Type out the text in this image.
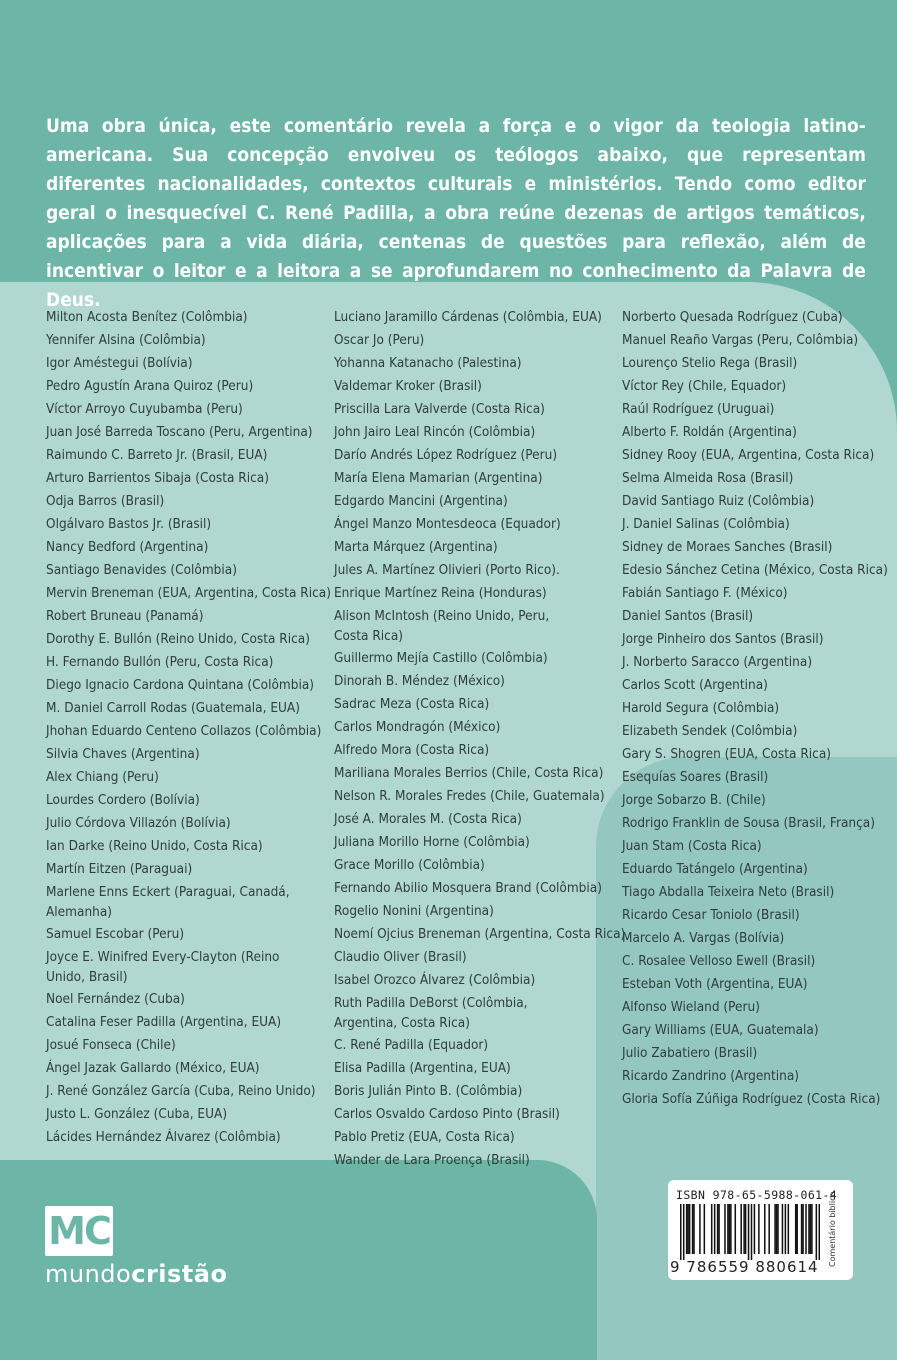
Uma obra única, este comentário revela a força e o vigor da teologia latino-americana. Sua concepção envolveu os teólogos abaixo, que representam diferentes nacionalidades, contextos culturais e ministérios. Tendo como editor geral o inesquecível C. René Padilla, a obra reúne dezenas de artigos temáticos, aplicações para a vida diária, centenas de questões para reflexão, além de incentivar o leitor e a leitora a se aprofundarem no conhecimento da Palavra de Deus.

Milton Acosta Benítez (Colômbia)
Yennifer Alsina (Colômbia)
Igor Améstegui (Bolívia)
Pedro Agustín Arana Quiroz (Peru)
Víctor Arroyo Cuyubamba (Peru)
Juan José Barreda Toscano (Peru, Argentina)
Raimundo C. Barreto Jr. (Brasil, EUA)
Arturo Barrientos Sibaja (Costa Rica)
Odja Barros (Brasil)
Olgálvaro Bastos Jr. (Brasil)
Nancy Bedford (Argentina)
Santiago Benavides (Colômbia)
Mervin Breneman (EUA, Argentina, Costa Rica)
Robert Bruneau (Panamá)
Dorothy E. Bullón (Reino Unido, Costa Rica)
H. Fernando Bullón (Peru, Costa Rica)
Diego Ignacio Cardona Quintana (Colômbia)
M. Daniel Carroll Rodas (Guatemala, EUA)
Jhohan Eduardo Centeno Collazos (Colômbia)
Silvia Chaves (Argentina)
Alex Chiang (Peru)
Lourdes Cordero (Bolívia)
Julio Córdova Villazón (Bolívia)
Ian Darke (Reino Unido, Costa Rica)
Martín Eitzen (Paraguai)
Marlene Enns Eckert (Paraguai, Canadá, Alemanha)
Samuel Escobar (Peru)
Joyce E. Winifred Every-Clayton (Reino Unido, Brasil)
Noel Fernández (Cuba)
Catalina Feser Padilla (Argentina, EUA)
Josué Fonseca (Chile)
Ángel Jazak Gallardo (México, EUA)
J. René González García (Cuba, Reino Unido)
Justo L. González (Cuba, EUA)
Lácides Hernández Álvarez (Colômbia)
Luciano Jaramillo Cárdenas (Colômbia, EUA)
Oscar Jo (Peru)
Yohanna Katanacho (Palestina)
Valdemar Kroker (Brasil)
Priscilla Lara Valverde (Costa Rica)
John Jairo Leal Rincón (Colômbia)
Darío Andrés López Rodríguez (Peru)
María Elena Mamarian (Argentina)
Edgardo Mancini (Argentina)
Ángel Manzo Montesdeoca (Equador)
Marta Márquez (Argentina)
Jules A. Martínez Olivieri (Porto Rico).
Enrique Martínez Reina (Honduras)
Alison McIntosh (Reino Unido, Peru, Costa Rica)
Guillermo Mejía Castillo (Colômbia)
Dinorah B. Méndez (México)
Sadrac Meza (Costa Rica)
Carlos Mondragón (México)
Alfredo Mora (Costa Rica)
Mariliana Morales Berrios (Chile, Costa Rica)
Nelson R. Morales Fredes (Chile, Guatemala)
José A. Morales M. (Costa Rica)
Juliana Morillo Horne (Colômbia)
Grace Morillo (Colômbia)
Fernando Abilio Mosquera Brand (Colômbia)
Rogelio Nonini (Argentina)
Noemí Ojcius Breneman (Argentina, Costa Rica)
Claudio Oliver (Brasil)
Isabel Orozco Álvarez (Colômbia)
Ruth Padilla DeBorst (Colômbia, Argentina, Costa Rica)
C. René Padilla (Equador)
Elisa Padilla (Argentina, EUA)
Boris Julián Pinto B. (Colômbia)
Carlos Osvaldo Cardoso Pinto (Brasil)
Pablo Pretiz (EUA, Costa Rica)
Wander de Lara Proença (Brasil)
Norberto Quesada Rodríguez (Cuba)
Manuel Reaño Vargas (Peru, Colômbia)
Lourenço Stelio Rega (Brasil)
Víctor Rey (Chile, Equador)
Raúl Rodríguez (Uruguai)
Alberto F. Roldán (Argentina)
Sidney Rooy (EUA, Argentina, Costa Rica)
Selma Almeida Rosa (Brasil)
David Santiago Ruiz (Colômbia)
J. Daniel Salinas (Colômbia)
Sidney de Moraes Sanches (Brasil)
Edesio Sánchez Cetina (México, Costa Rica)
Fabián Santiago F. (México)
Daniel Santos (Brasil)
Jorge Pinheiro dos Santos (Brasil)
J. Norberto Saracco (Argentina)
Carlos Scott (Argentina)
Harold Segura (Colômbia)
Elizabeth Sendek (Colômbia)
Gary S. Shogren (EUA, Costa Rica)
Esequías Soares (Brasil)
Jorge Sobarzo B. (Chile)
Rodrigo Franklin de Sousa (Brasil, França)
Juan Stam (Costa Rica)
Eduardo Tatángelo (Argentina)
Tiago Abdalla Teixeira Neto (Brasil)
Ricardo Cesar Toniolo (Brasil)
Marcelo A. Vargas (Bolívia)
C. Rosalee Velloso Ewell (Brasil)
Esteban Voth (Argentina, EUA)
Alfonso Wieland (Peru)
Gary Williams (EUA, Guatemala)
Julio Zabatiero (Brasil)
Ricardo Zandrino (Argentina)
Gloria Sofía Zúñiga Rodríguez (Costa Rica)
MC
mundocristão
ISBN 978-65-5988-061-4
9 786559 880614 Comentário bíblico
